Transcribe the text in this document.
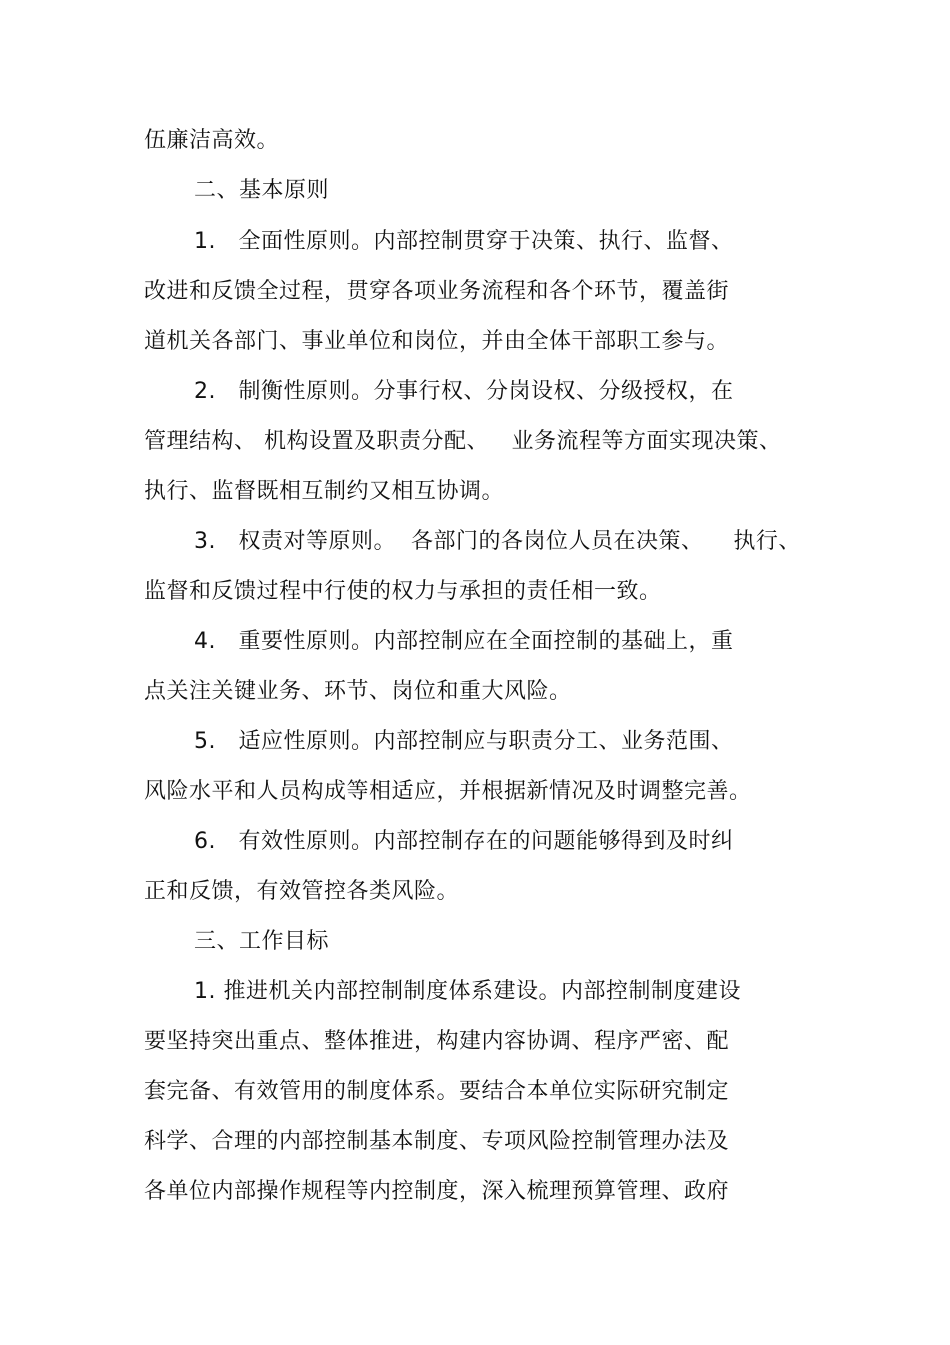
伍廉洁高效。
二、基本原则
1.   全面性原则。内部控制贯穿于决策、执行、监督、
改进和反馈全过程，贯穿各项业务流程和各个环节，覆盖街
道机关各部门、事业单位和岗位，并由全体干部职工参与。
2.   制衡性原则。分事行权、分岗设权、分级授权，在
管理结构、 机构设置及职责分配、   业务流程等方面实现决策、
执行、监督既相互制约又相互协调。
3.   权责对等原则。  各部门的各岗位人员在决策、    执行、
监督和反馈过程中行使的权力与承担的责任相一致。
4.   重要性原则。内部控制应在全面控制的基础上，重
点关注关键业务、环节、岗位和重大风险。
5.   适应性原则。内部控制应与职责分工、业务范围、
风险水平和人员构成等相适应，并根据新情况及时调整完善。
6.   有效性原则。内部控制存在的问题能够得到及时纠
正和反馈，有效管控各类风险。
三、工作目标
1. 推进机关内部控制制度体系建设。内部控制制度建设
要坚持突出重点、整体推进，构建内容协调、程序严密、配
套完备、有效管用的制度体系。要结合本单位实际研究制定
科学、合理的内部控制基本制度、专项风险控制管理办法及
各单位内部操作规程等内控制度，深入梳理预算管理、政府
